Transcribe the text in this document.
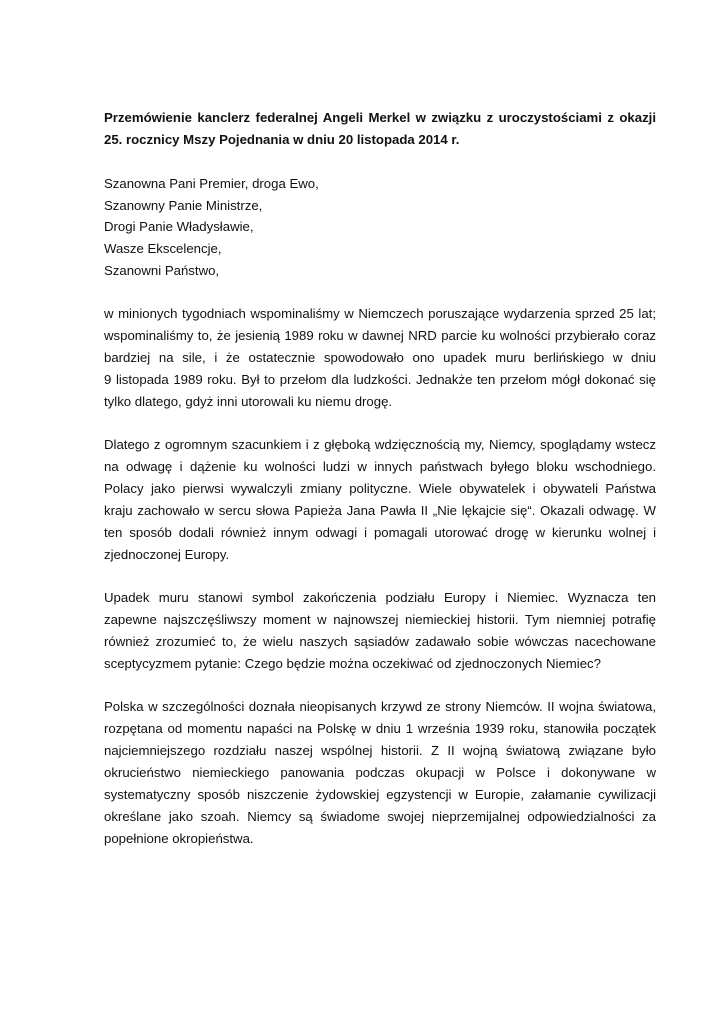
Przemówienie kanclerz federalnej Angeli Merkel w związku z uroczystościami z okazji

25. rocznicy Mszy Pojednania w dniu 20 listopada 2014 r.

Szanowna Pani Premier, droga Ewo,

Szanowny Panie Ministrze,

Drogi Panie Władysławie,

Wasze Ekscelencje,

Szanowni Państwo,

w minionych tygodniach wspominaliśmy w Niemczech poruszające wydarzenia sprzed 25 lat;

wspominaliśmy to, że jesienią 1989 roku w dawnej NRD parcie ku wolności przybierało coraz

bardziej na sile, i że ostatecznie spowodowało ono upadek muru berlińskiego w dniu

9 listopada 1989 roku. Był to przełom dla ludzkości. Jednakże ten przełom mógł dokonać się

tylko dlatego, gdyż inni utorowali ku niemu drogę.

Dlatego z ogromnym szacunkiem i z głęboką wdzięcznością my, Niemcy, spoglądamy wstecz

na odwagę i dążenie ku wolności ludzi w innych państwach byłego bloku wschodniego.

Polacy jako pierwsi wywalczyli zmiany polityczne. Wiele obywatelek i obywateli Państwa

kraju zachowało w sercu słowa Papieża Jana Pawła II „Nie lękajcie się“. Okazali odwagę. W

ten sposób dodali również innym odwagi i pomagali utorować drogę w kierunku wolnej i

zjednoczonej Europy.

Upadek muru stanowi symbol zakończenia podziału Europy i Niemiec. Wyznacza ten

zapewne najszczęśliwszy moment w najnowszej niemieckiej historii. Tym niemniej potrafię

również zrozumieć to, że wielu naszych sąsiadów zadawało sobie wówczas nacechowane

sceptycyzmem pytanie: Czego będzie można oczekiwać od zjednoczonych Niemiec?

Polska w szczególności doznała nieopisanych krzywd ze strony Niemców. II wojna światowa,

rozpętana od momentu napaści na Polskę w dniu 1 września 1939 roku, stanowiła początek

najciemniejszego rozdziału naszej wspólnej historii. Z II wojną światową związane było

okrucieństwo niemieckiego panowania podczas okupacji w Polsce i dokonywane w

systematyczny sposób niszczenie żydowskiej egzystencji w Europie, załamanie cywilizacji

określane jako szoah. Niemcy są świadome swojej nieprzemijalnej odpowiedzialności za

popełnione okropieństwa.
